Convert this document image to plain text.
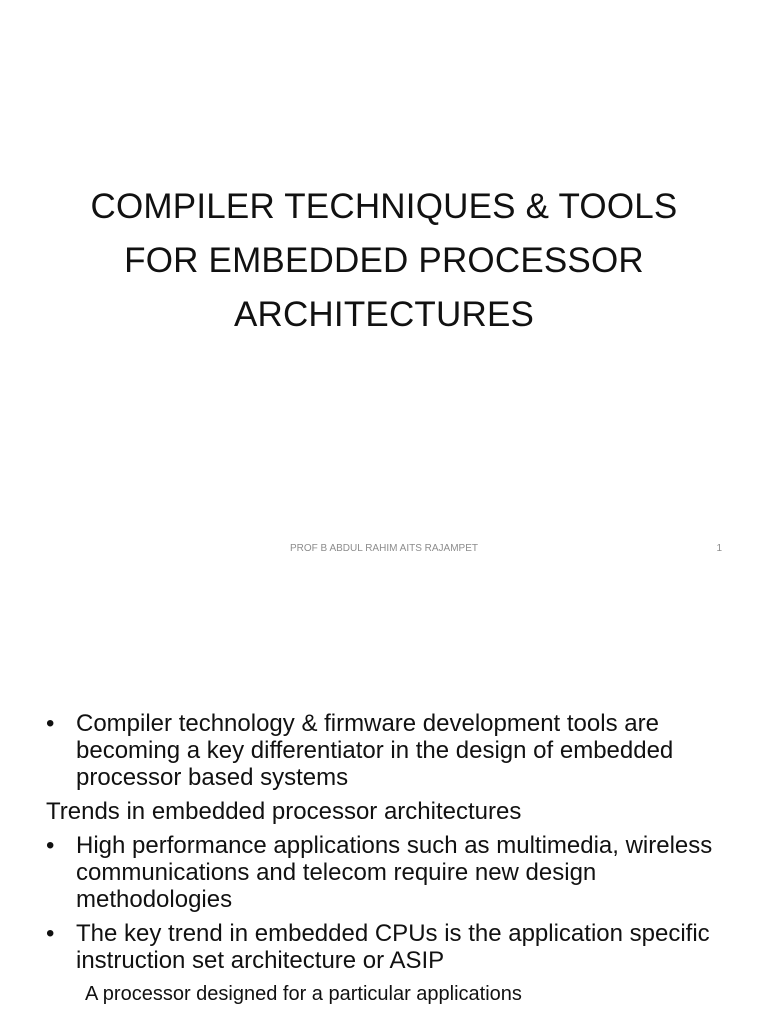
COMPILER TECHNIQUES & TOOLS
FOR EMBEDDED PROCESSOR
ARCHITECTURES
PROF B ABDUL RAHIM AITS RAJAMPET	1
• Compiler technology & firmware development tools are becoming a key differentiator in the design of embedded processor based systems
Trends in embedded processor architectures
• High performance applications such as multimedia, wireless communications and telecom require new design methodologies
• The key trend in embedded CPUs is the application specific instruction set architecture or ASIP
A processor designed for a particular applications
